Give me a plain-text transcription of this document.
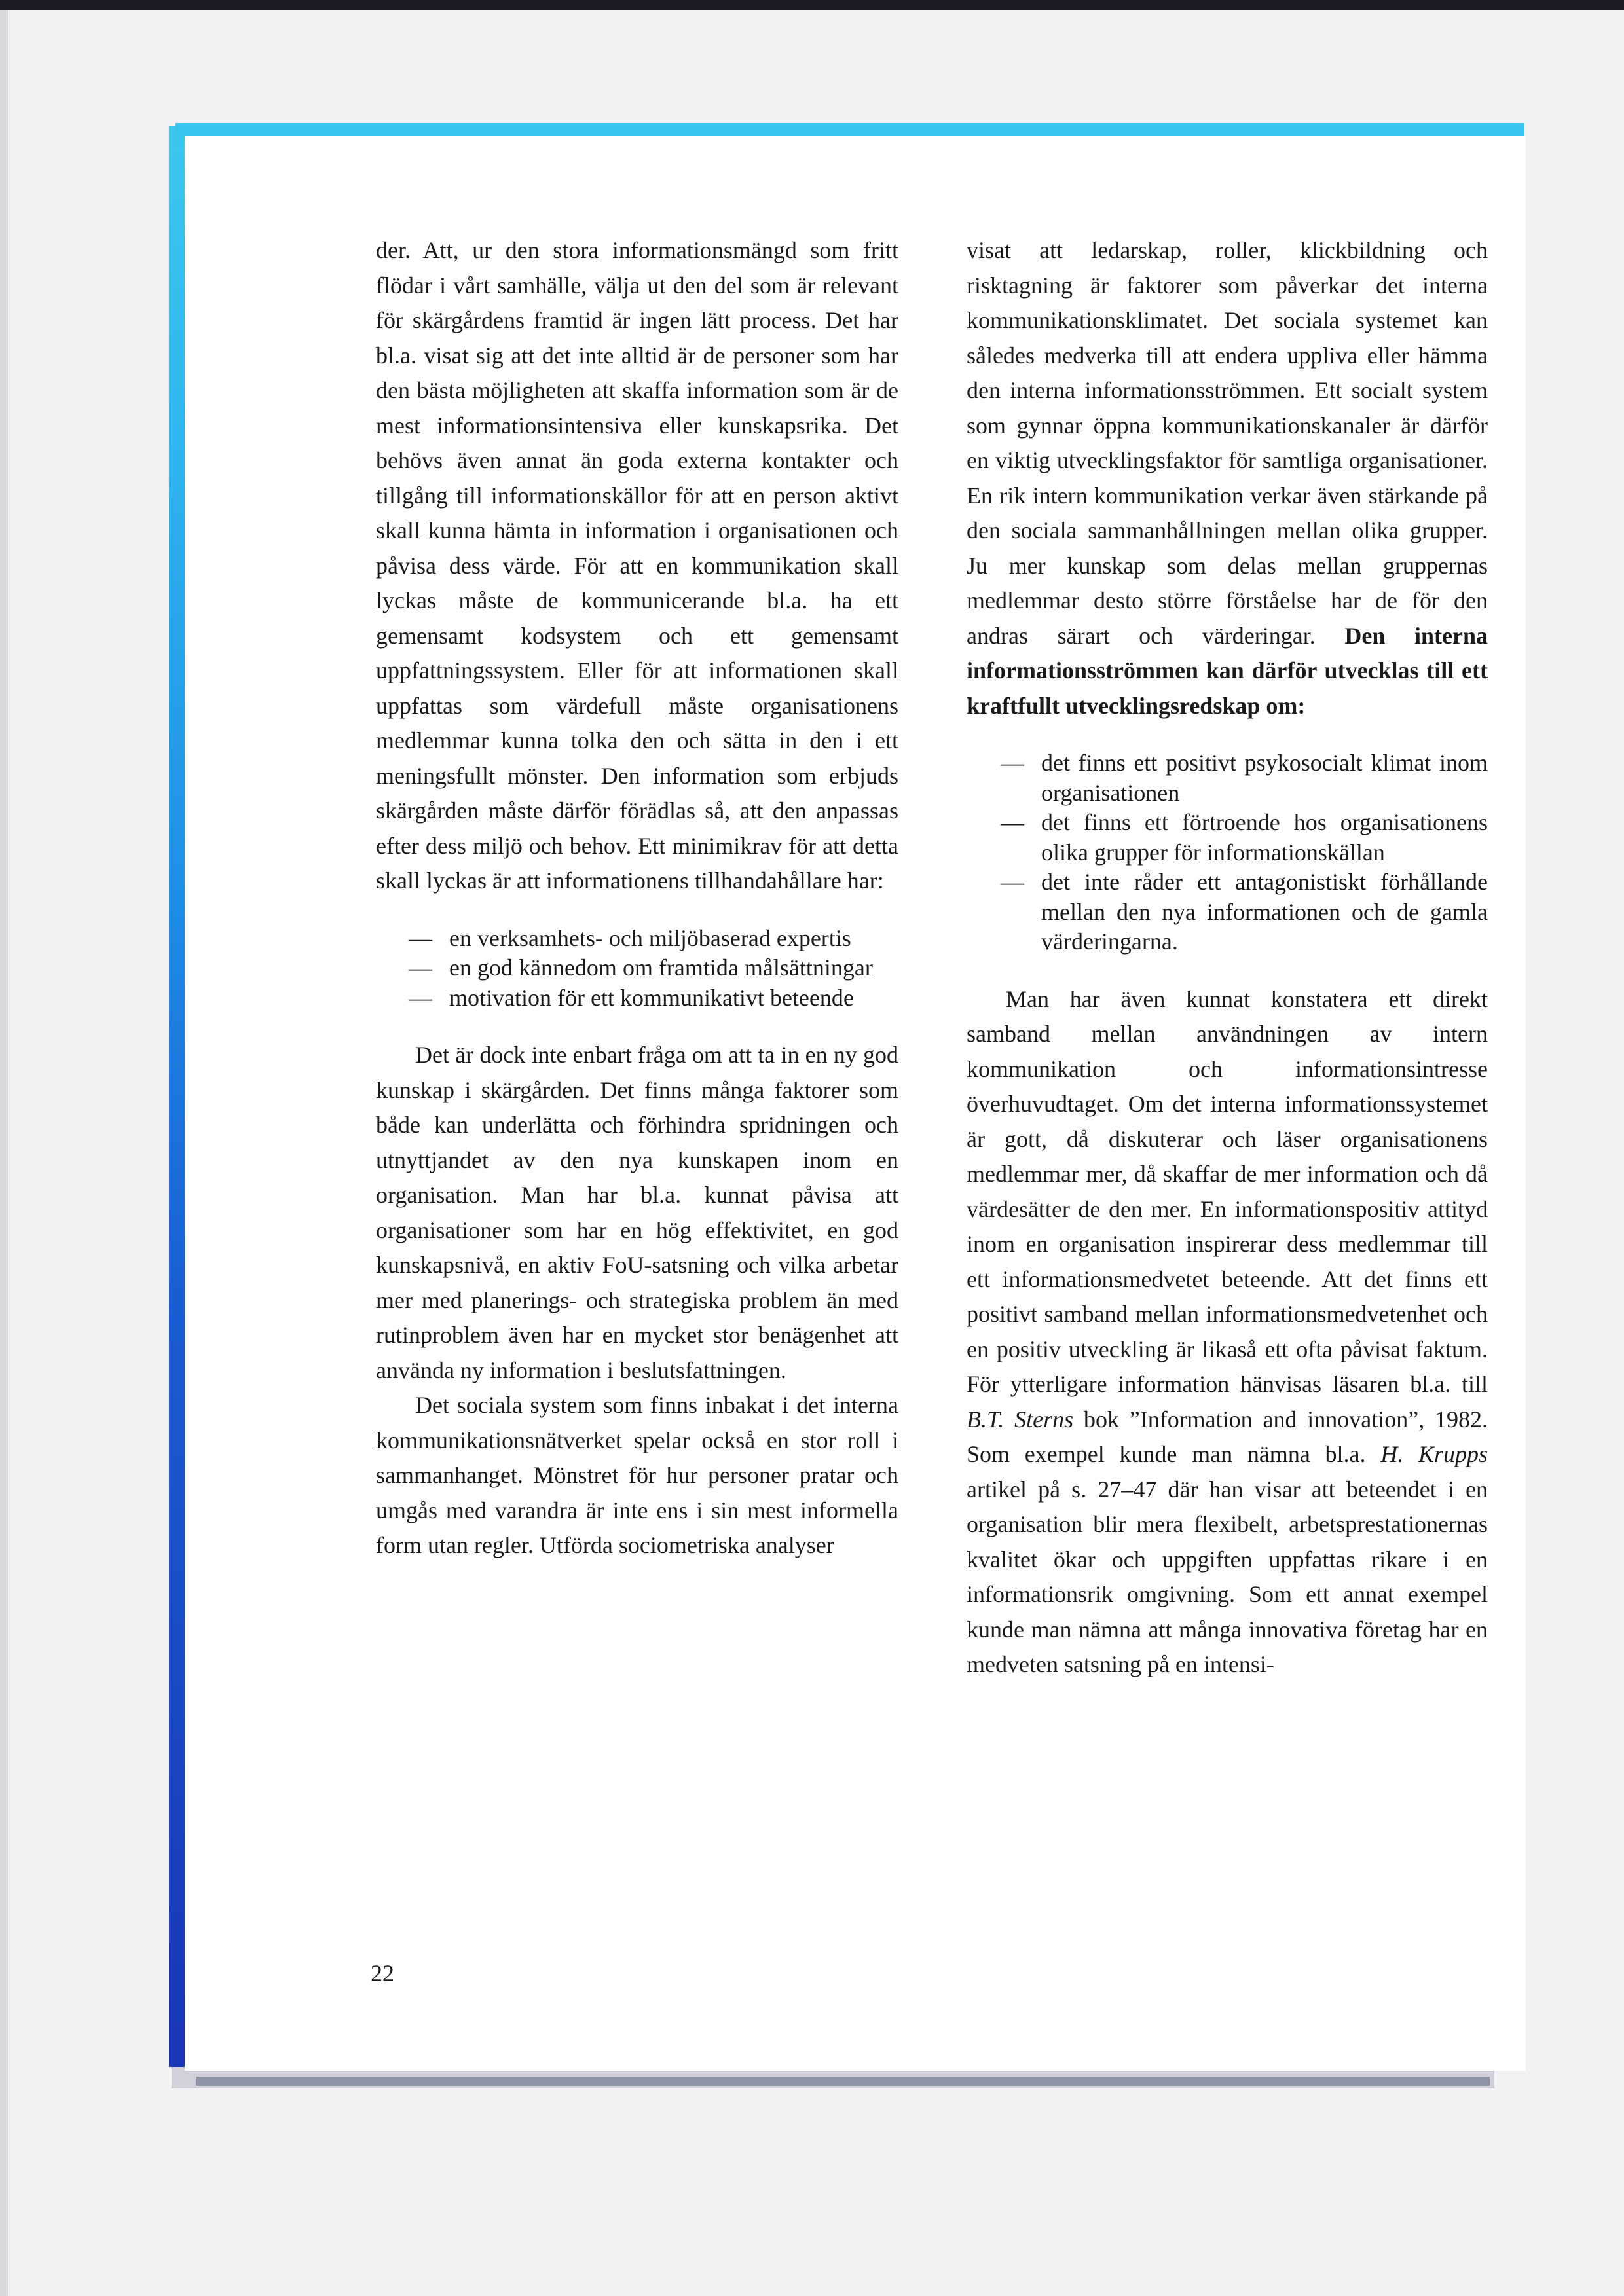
der. Att, ur den stora informationsmängd som fritt flödar i vårt samhälle, välja ut den del som är relevant för skärgårdens framtid är ingen lätt process. Det har bl.a. visat sig att det inte alltid är de personer som har den bästa möjligheten att skaffa information som är de mest informationsintensiva eller kunskapsrika. Det behövs även annat än goda externa kontakter och tillgång till informationskällor för att en person aktivt skall kunna hämta in information i organisationen och påvisa dess värde. För att en kommunikation skall lyckas måste de kommunicerande bl.a. ha ett gemensamt kodsystem och ett gemensamt uppfattningssystem. Eller för att informationen skall uppfattas som värdefull måste organisationens medlemmar kunna tolka den och sätta in den i ett meningsfullt mönster. Den information som erbjuds skärgården måste därför förädlas så, att den anpassas efter dess miljö och behov. Ett minimikrav för att detta skall lyckas är att informationens tillhandahållare har:

— en verksamhets- och miljöbaserad expertis
— en god kännedom om framtida målsättningar
— motivation för ett kommunikativt beteende

Det är dock inte enbart fråga om att ta in en ny god kunskap i skärgården. Det finns många faktorer som både kan underlätta och förhindra spridningen och utnyttjandet av den nya kunskapen inom en organisation. Man har bl.a. kunnat påvisa att organisationer som har en hög effektivitet, en god kunskapsnivå, en aktiv FoU-satsning och vilka arbetar mer med planerings- och strategiska problem än med rutinproblem även har en mycket stor benägenhet att använda ny information i beslutsfattningen.

Det sociala system som finns inbakat i det interna kommunikationsnätverket spelar också en stor roll i sammanhanget. Mönstret för hur personer pratar och umgås med varandra är inte ens i sin mest informella form utan regler. Utförda sociometriska analyser

visat att ledarskap, roller, klickbildning och risktagning är faktorer som påverkar det interna kommunikationsklimatet. Det sociala systemet kan således medverka till att endera uppliva eller hämma den interna informationsströmmen. Ett socialt system som gynnar öppna kommunikationskanaler är därför en viktig utvecklingsfaktor för samtliga organisationer. En rik intern kommunikation verkar även stärkande på den sociala sammanhållningen mellan olika grupper. Ju mer kunskap som delas mellan gruppernas medlemmar desto större förståelse har de för den andras särart och värderingar. Den interna informationsströmmen kan därför utvecklas till ett kraftfullt utvecklingsredskap om:

— det finns ett positivt psykosocialt klimat inom organisationen
— det finns ett förtroende hos organisationens olika grupper för informationskällan
— det inte råder ett antagonistiskt förhållande mellan den nya informationen och de gamla värderingarna.

Man har även kunnat konstatera ett direkt samband mellan användningen av intern kommunikation och informationsintresse överhuvudtaget. Om det interna informationssystemet är gott, då diskuterar och läser organisationens medlemmar mer, då skaffar de mer information och då värdesätter de den mer. En informationspositiv attityd inom en organisation inspirerar dess medlemmar till ett informationsmedvetet beteende. Att det finns ett positivt samband mellan informationsmedvetenhet och en positiv utveckling är likaså ett ofta påvisat faktum. För ytterligare information hänvisas läsaren bl.a. till B.T. Sterns bok ”Information and innovation”, 1982. Som exempel kunde man nämna bl.a. H. Krupps artikel på s. 27–47 där han visar att beteendet i en organisation blir mera flexibelt, arbetsprestationernas kvalitet ökar och uppgiften uppfattas rikare i en informationsrik omgivning. Som ett annat exempel kunde man nämna att många innovativa företag har en medveten satsning på en intensi-

22
